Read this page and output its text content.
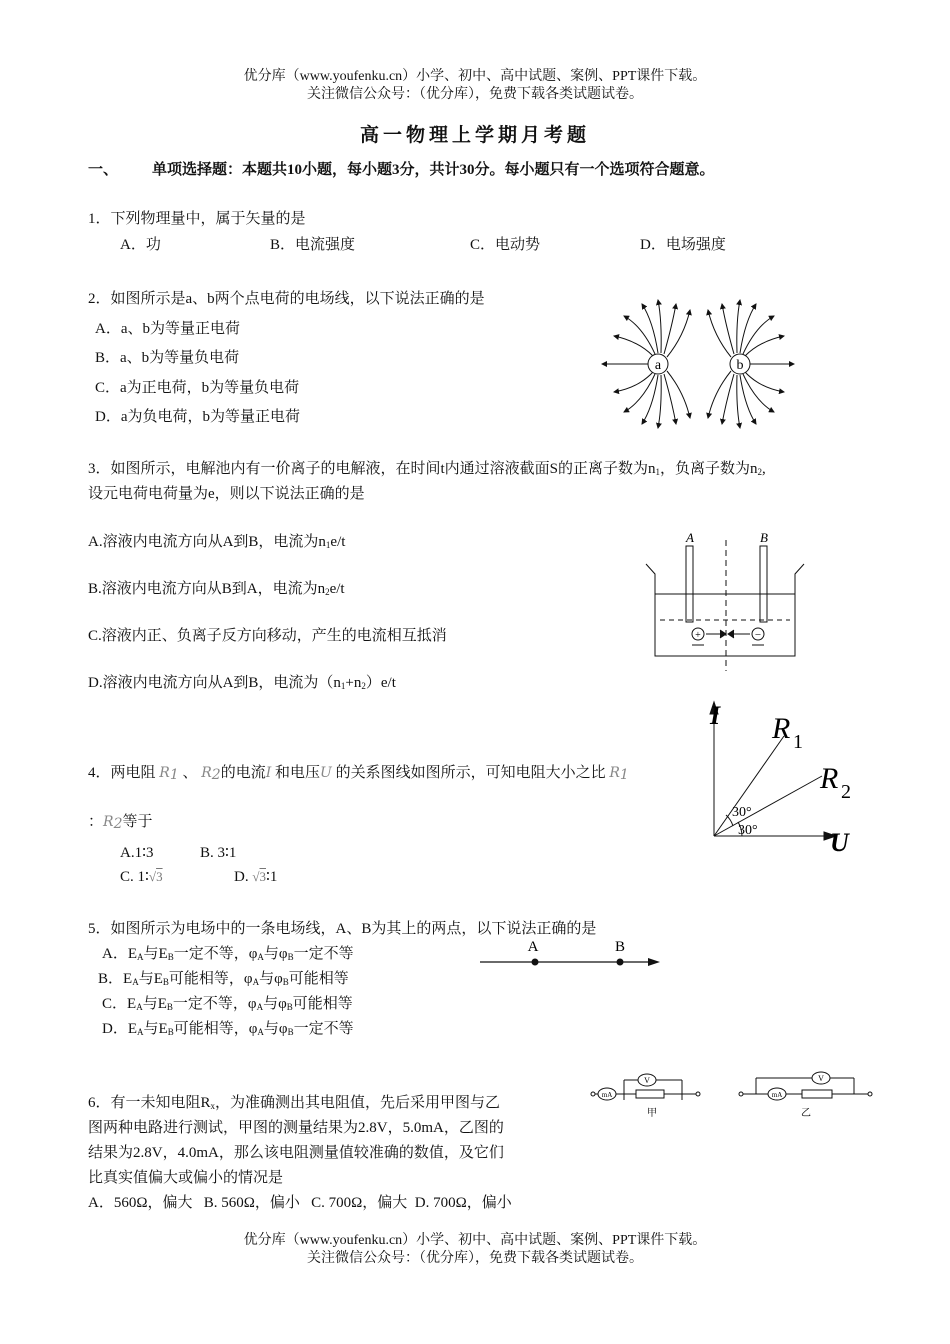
优分库（www.youfenku.cn）小学、初中、高中试题、案例、PPT课件下载。
关注微信公众号：（优分库），免费下载各类试题试卷。
高一物理上学期月考题
一、 单项选择题：本题共10小题，每小题3分，共计30分。每小题只有一个选项符合题意。
1．下列物理量中，属于矢量的是
A．功	B．电流强度	C．电动势	D．电场强度
2．如图所示是a、b两个点电荷的电场线，以下说法正确的是
A．a、b为等量正电荷
B．a、b为等量负电荷
C．a为正电荷，b为等量负电荷
D．a为负电荷，b为等量正电荷
a	b
3．如图所示，电解池内有一价离子的电解液，在时间t内通过溶液截面S的正离子数为$n_1$，负离子数为$n_2$,
设元电荷电荷量为e，则以下说法正确的是
A.溶液内电流方向从A到B，电流为$n_1e/t$
B.溶液内电流方向从B到A，电流为$n_2e/t$
C.溶液内正、负离子反方向移动，产生的电流相互抵消
D.溶液内电流方向从A到B，电流为$(n_1+n_2)e/t$
+	−
A	B
4．两电阻 $R_1$ 、 $R_2$的电流I 和电压U 的关系图线如图所示，可知电阻大小之比 $R_1$
：$R_2$等于
A.1∶3	B. 3∶1
C. 1∶√3	D. √3∶1
I
U
R 1
R 2
30°
30°
5．如图所示为电场中的一条电场线，A、B为其上的两点，以下说法正确的是
A．$E_A$与$E_B$一定不等，$\varphi_A$与$\varphi_B$一定不等
B．$E_A$与$E_B$可能相等，$\varphi_A$与$\varphi_B$可能相等
C．$E_A$与$E_B$一定不等，$\varphi_A$与$\varphi_B$可能相等
D．$E_A$与$E_B$可能相等，$\varphi_A$与$\varphi_B$一定不等
A	B
6．有一未知电阻$R_x$，为准确测出其电阻值，先后采用甲图与乙
图两种电路进行测试，甲图的测量结果为2.8V，5.0mA，乙图的
结果为2.8V，4.0mA，那么该电阻测量值较准确的数值，及它们
比真实值偏大或偏小的情况是
A．560Ω，偏大   B. 560Ω，偏小   C. 700Ω，偏大  D. 700Ω，偏小
mA
V
甲
mA
V
乙
优分库（www.youfenku.cn）小学、初中、高中试题、案例、PPT课件下载。
关注微信公众号：（优分库），免费下载各类试题试卷。
